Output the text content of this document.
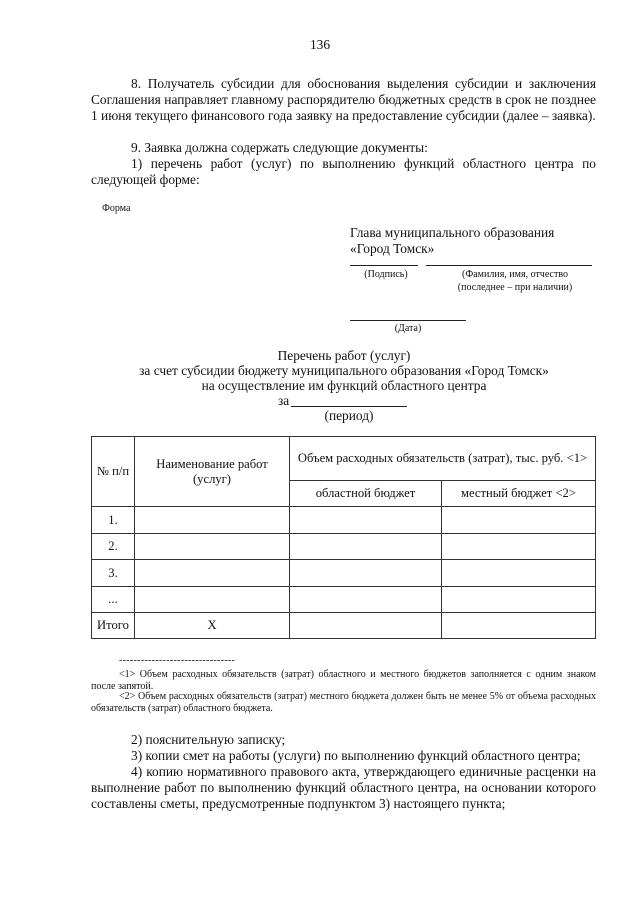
136
8. Получатель субсидии для обоснования выделения субсидии и заключения Соглашения направляет главному распорядителю бюджетных средств в срок не позднее 1 июня текущего финансового года заявку на предоставление субсидии (далее – заявка).
9. Заявка должна содержать следующие документы:
1) перечень работ (услуг) по выполнению функций областного центра по следующей форме:
Форма
Глава муниципального образования
«Город Томск»
(Подпись)	(Фамилия, имя, отчество
(последнее – при наличии)
(Дата)
Перечень работ (услуг)
за счет субсидии бюджету муниципального образования «Город Томск»
на осуществление им функций областного центра
за
(период)
№ п/п	Наименование работ (услуг)	Объем расходных обязательств (затрат), тыс. руб. <1>	
		областной бюджет	местный бюджет <2>
1.			
2.			
3.			
...			
Итого	Х		
--------------------------------
<1> Объем расходных обязательств (затрат) областного и местного бюджетов заполняется с одним знаком после запятой.
<2> Объем расходных обязательств (затрат) местного бюджета должен быть не менее 5% от объема расходных обязательств (затрат) областного бюджета.
2) пояснительную записку;
3) копии смет на работы (услуги) по выполнению функций областного центра;
4) копию нормативного правового акта, утверждающего единичные расценки на выполнение работ по выполнению функций областного центра, на основании которого составлены сметы, предусмотренные подпунктом 3) настоящего пункта;
